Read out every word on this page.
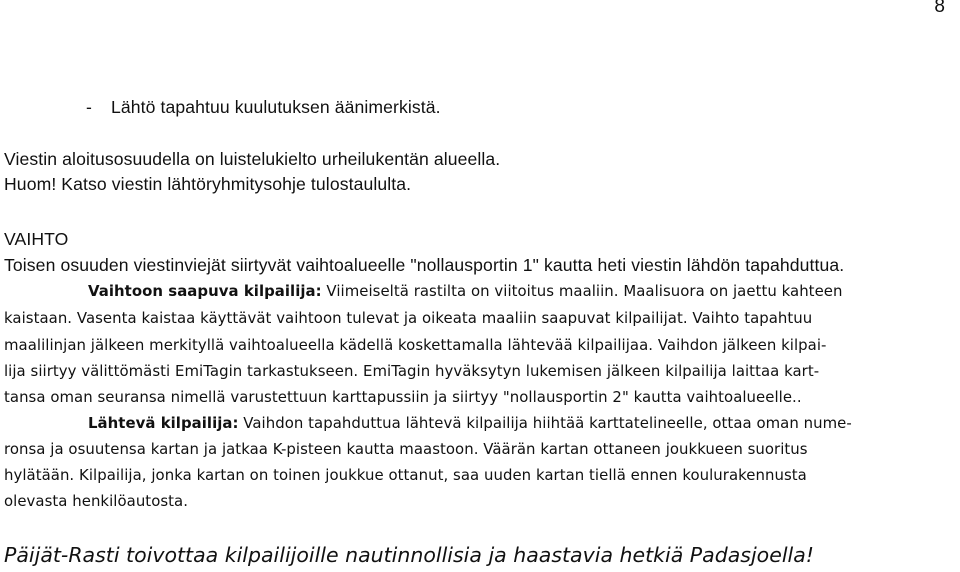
8
- Lähtö tapahtuu kuulutuksen äänimerkistä.
Viestin aloitusosuudella on luistelukielto urheilukentän alueella.
Huom! Katso viestin lähtöryhmitysohje tulostaululta.
VAIHTO
Toisen osuuden viestinviejät siirtyvät vaihtoalueelle "nollausportin 1" kautta heti viestin lähdön tapahduttua.
Vaihtoon saapuva kilpailija: Viimeiseltä rastilta on viitoitus maaliin. Maalisuora on jaettu kahteen
kaistaan. Vasenta kaistaa käyttävät vaihtoon tulevat ja oikeata maaliin saapuvat kilpailijat. Vaihto tapahtuu
maalilinjan jälkeen merkityllä vaihtoalueella kädellä koskettamalla lähtevää kilpailijaa. Vaihdon jälkeen kilpai-
lija siirtyy välittömästi EmiTagin tarkastukseen. EmiTagin hyväksytyn lukemisen jälkeen kilpailija laittaa kart-
tansa oman seuransa nimellä varustettuun karttapussiin ja siirtyy "nollausportin 2" kautta vaihtoalueelle..
Lähtevä kilpailija: Vaihdon tapahduttua lähtevä kilpailija hiihtää karttatelineelle, ottaa oman nume-
ronsa ja osuutensa kartan ja jatkaa K-pisteen kautta maastoon. Väärän kartan ottaneen joukkueen suoritus
hylätään. Kilpailija, jonka kartan on toinen joukkue ottanut, saa uuden kartan tiellä ennen koulurakennusta
olevasta henkilöautosta.
Päijät-Rasti toivottaa kilpailijoille nautinnollisia ja haastavia hetkiä Padasjoella!
